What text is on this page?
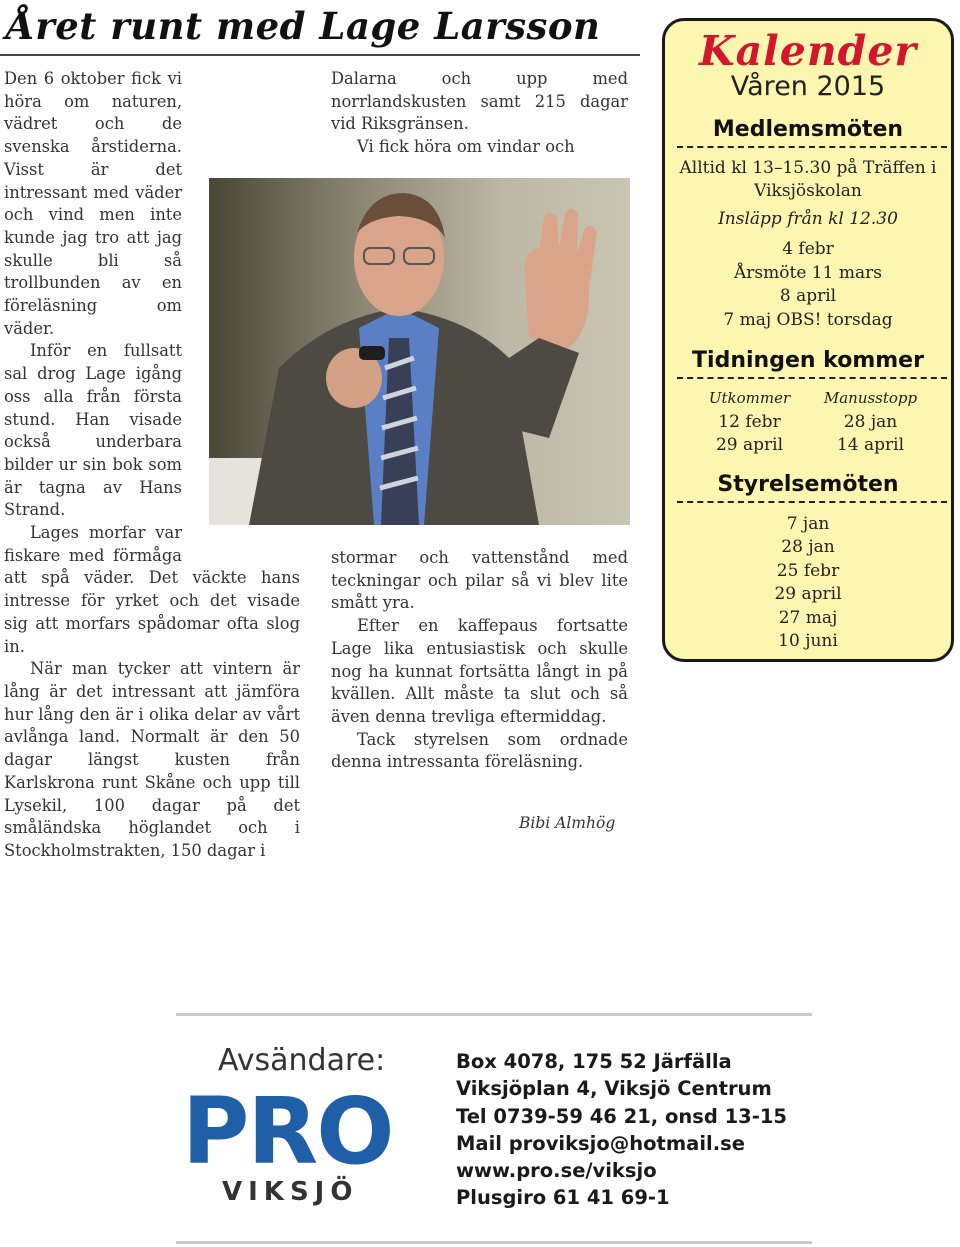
Året runt med Lage Larsson

Den 6 oktober fick vi höra om naturen, vädret och de svenska årstiderna. Visst är det intressant med väder och vind men inte kunde jag tro att jag skulle bli så trollbunden av en föreläsning om väder.

Inför en fullsatt sal drog Lage igång oss alla från första stund. Han visade också underbara bilder ur sin bok som är tagna av Hans Strand.

Lages morfar var fiskare med förmåga att spå väder. Det väckte hans intresse för yrket och det visade sig att morfars spådomar ofta slog in.

När man tycker att vintern är lång är det intressant att jämföra hur lång den är i olika delar av vårt avlånga land. Normalt är den 50 dagar längst kusten från Karlskrona runt Skåne och upp till Lysekil, 100 dagar på det småländska höglandet och i Stockholmstrakten, 150 dagar i

Dalarna och upp med norrlandskusten samt 215 dagar vid Riksgränsen.

Vi fick höra om vindar och

stormar och vattenstånd med teckningar och pilar så vi blev lite smått yra.

Efter en kaffepaus fortsatte Lage lika entusiastisk och skulle nog ha kunnat fortsätta långt in på kvällen. Allt måste ta slut och så även denna trevliga eftermiddag.

Tack styrelsen som ordnade denna intressanta föreläsning.

Bibi Almhög
Kalender
Våren 2015
Medlemsmöten
Alltid kl 13–15.30 på Träffen i
Viksjöskolan
Insläpp från kl 12.30
4 febr
Årsmöte 11 mars
8 april
7 maj OBS! torsdag
Tidningen kommer
Utkommer
12 febr
29 april
Manusstopp
28 jan
14 april
Styrelsemöten
7 jan
28 jan
25 febr
29 april
27 maj
10 juni
Avsändare:
PRO
VIKSJÖ
Box 4078, 175 52 Järfälla
Viksjöplan 4, Viksjö Centrum
Tel 0739-59 46 21, onsd 13-15
Mail proviksjo@hotmail.se
www.pro.se/viksjo
Plusgiro 61 41 69-1
